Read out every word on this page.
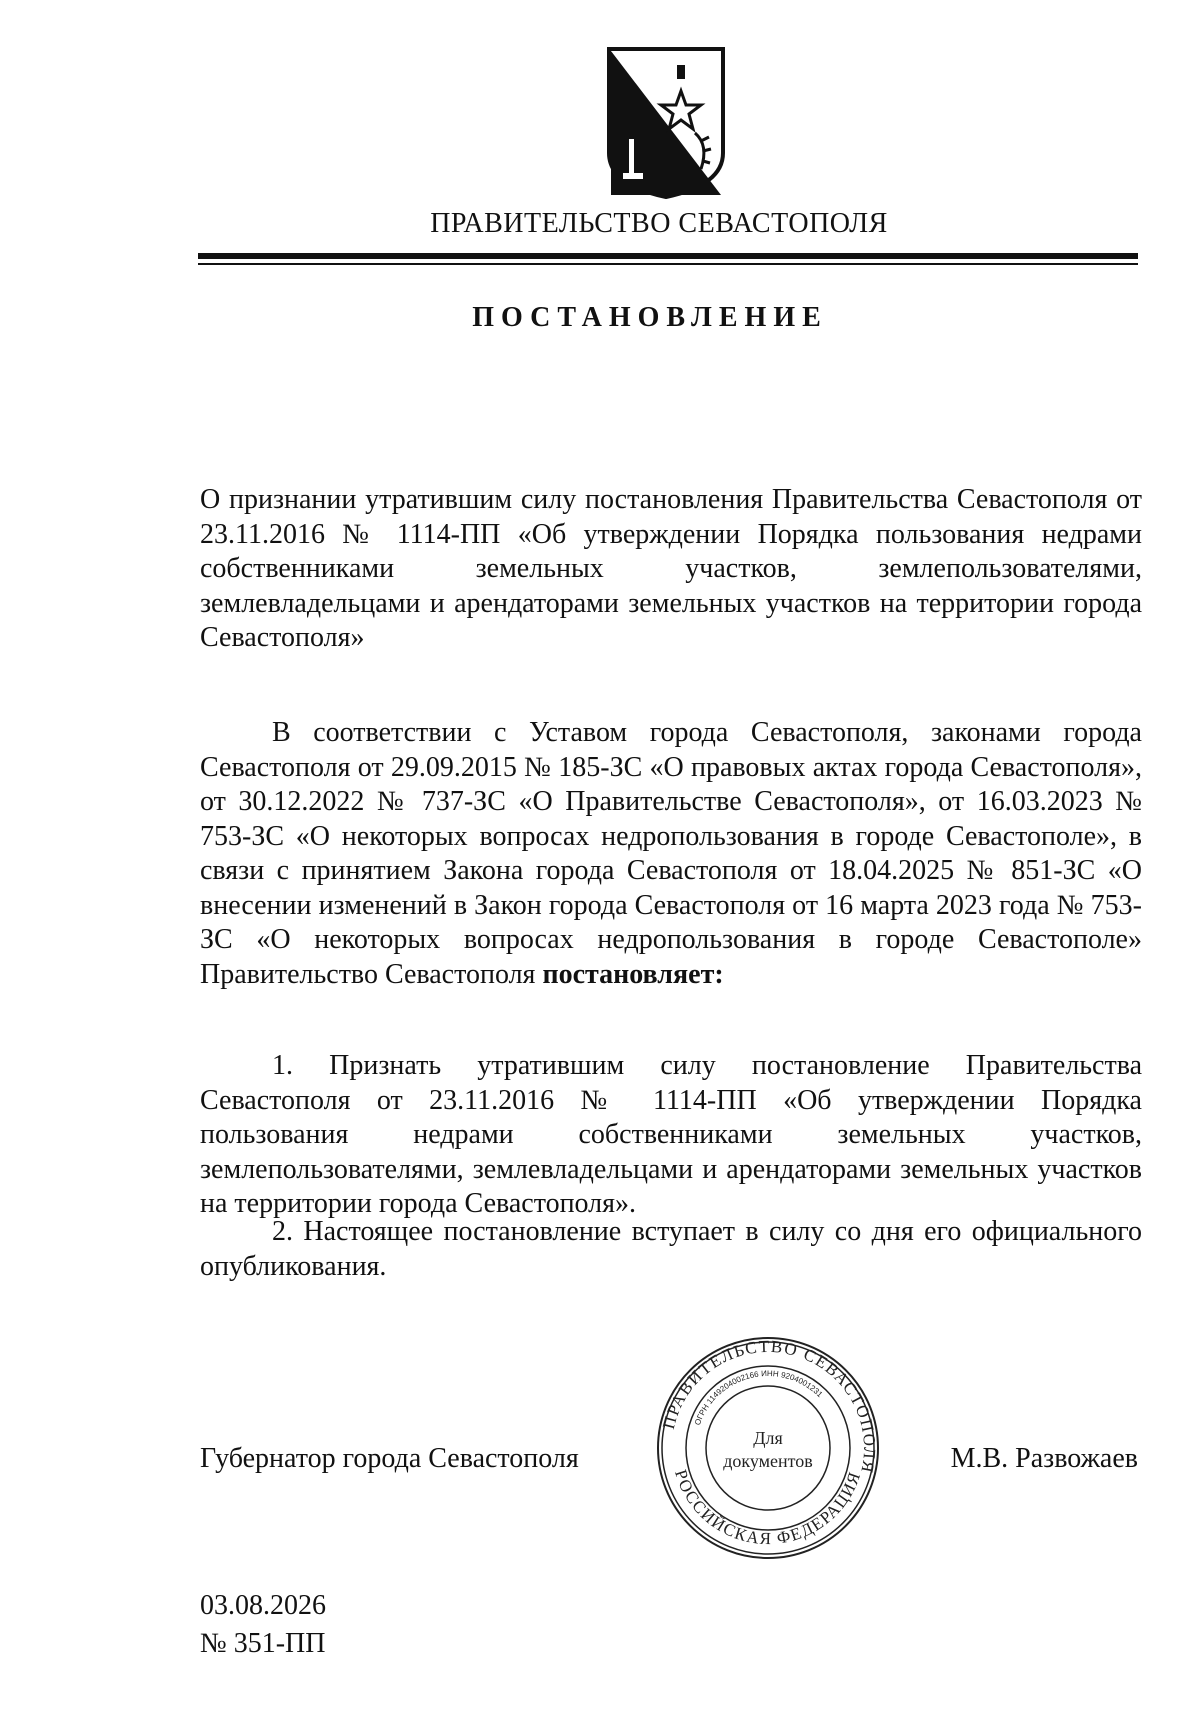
ПРАВИТЕЛЬСТВО СЕВАСТОПОЛЯ
ПОСТАНОВЛЕНИЕ
О признании утратившим силу постановления Правительства Севастополя от 23.11.2016 № 1114-ПП «Об утверждении Порядка пользования недрами собственниками земельных участков, землепользователями, землевладельцами и арендаторами земельных участков на территории города Севастополя»

В соответствии с Уставом города Севастополя, законами города Севастополя от 29.09.2015 № 185-ЗС «О правовых актах города Севастополя», от 30.12.2022 № 737-ЗС «О Правительстве Севастополя», от 16.03.2023 № 753-ЗС «О некоторых вопросах недропользования в городе Севастополе», в связи с принятием Закона города Севастополя от 18.04.2025 № 851-ЗС «О внесении изменений в Закон города Севастополя от 16 марта 2023 года № 753-ЗС «О некоторых вопросах недропользования в городе Севастополе» Правительство Севастополя постановляет:

1. Признать утратившим силу постановление Правительства Севастополя от 23.11.2016 № 1114-ПП «Об утверждении Порядка пользования недрами собственниками земельных участков, землепользователями, землевладельцами и арендаторами земельных участков на территории города Севастополя».

2. Настоящее постановление вступает в силу со дня его официального опубликования.

Губернатор города Севастополя
ПРАВИТЕЛЬСТВО СЕВАСТОПОЛЯ
РОССИЙСКАЯ ФЕДЕРАЦИЯ
ОГРН 1149204002166 ИНН 9204001231
Для
документов	М.В. Развожаев
03.08.2026
№ 351-ПП
